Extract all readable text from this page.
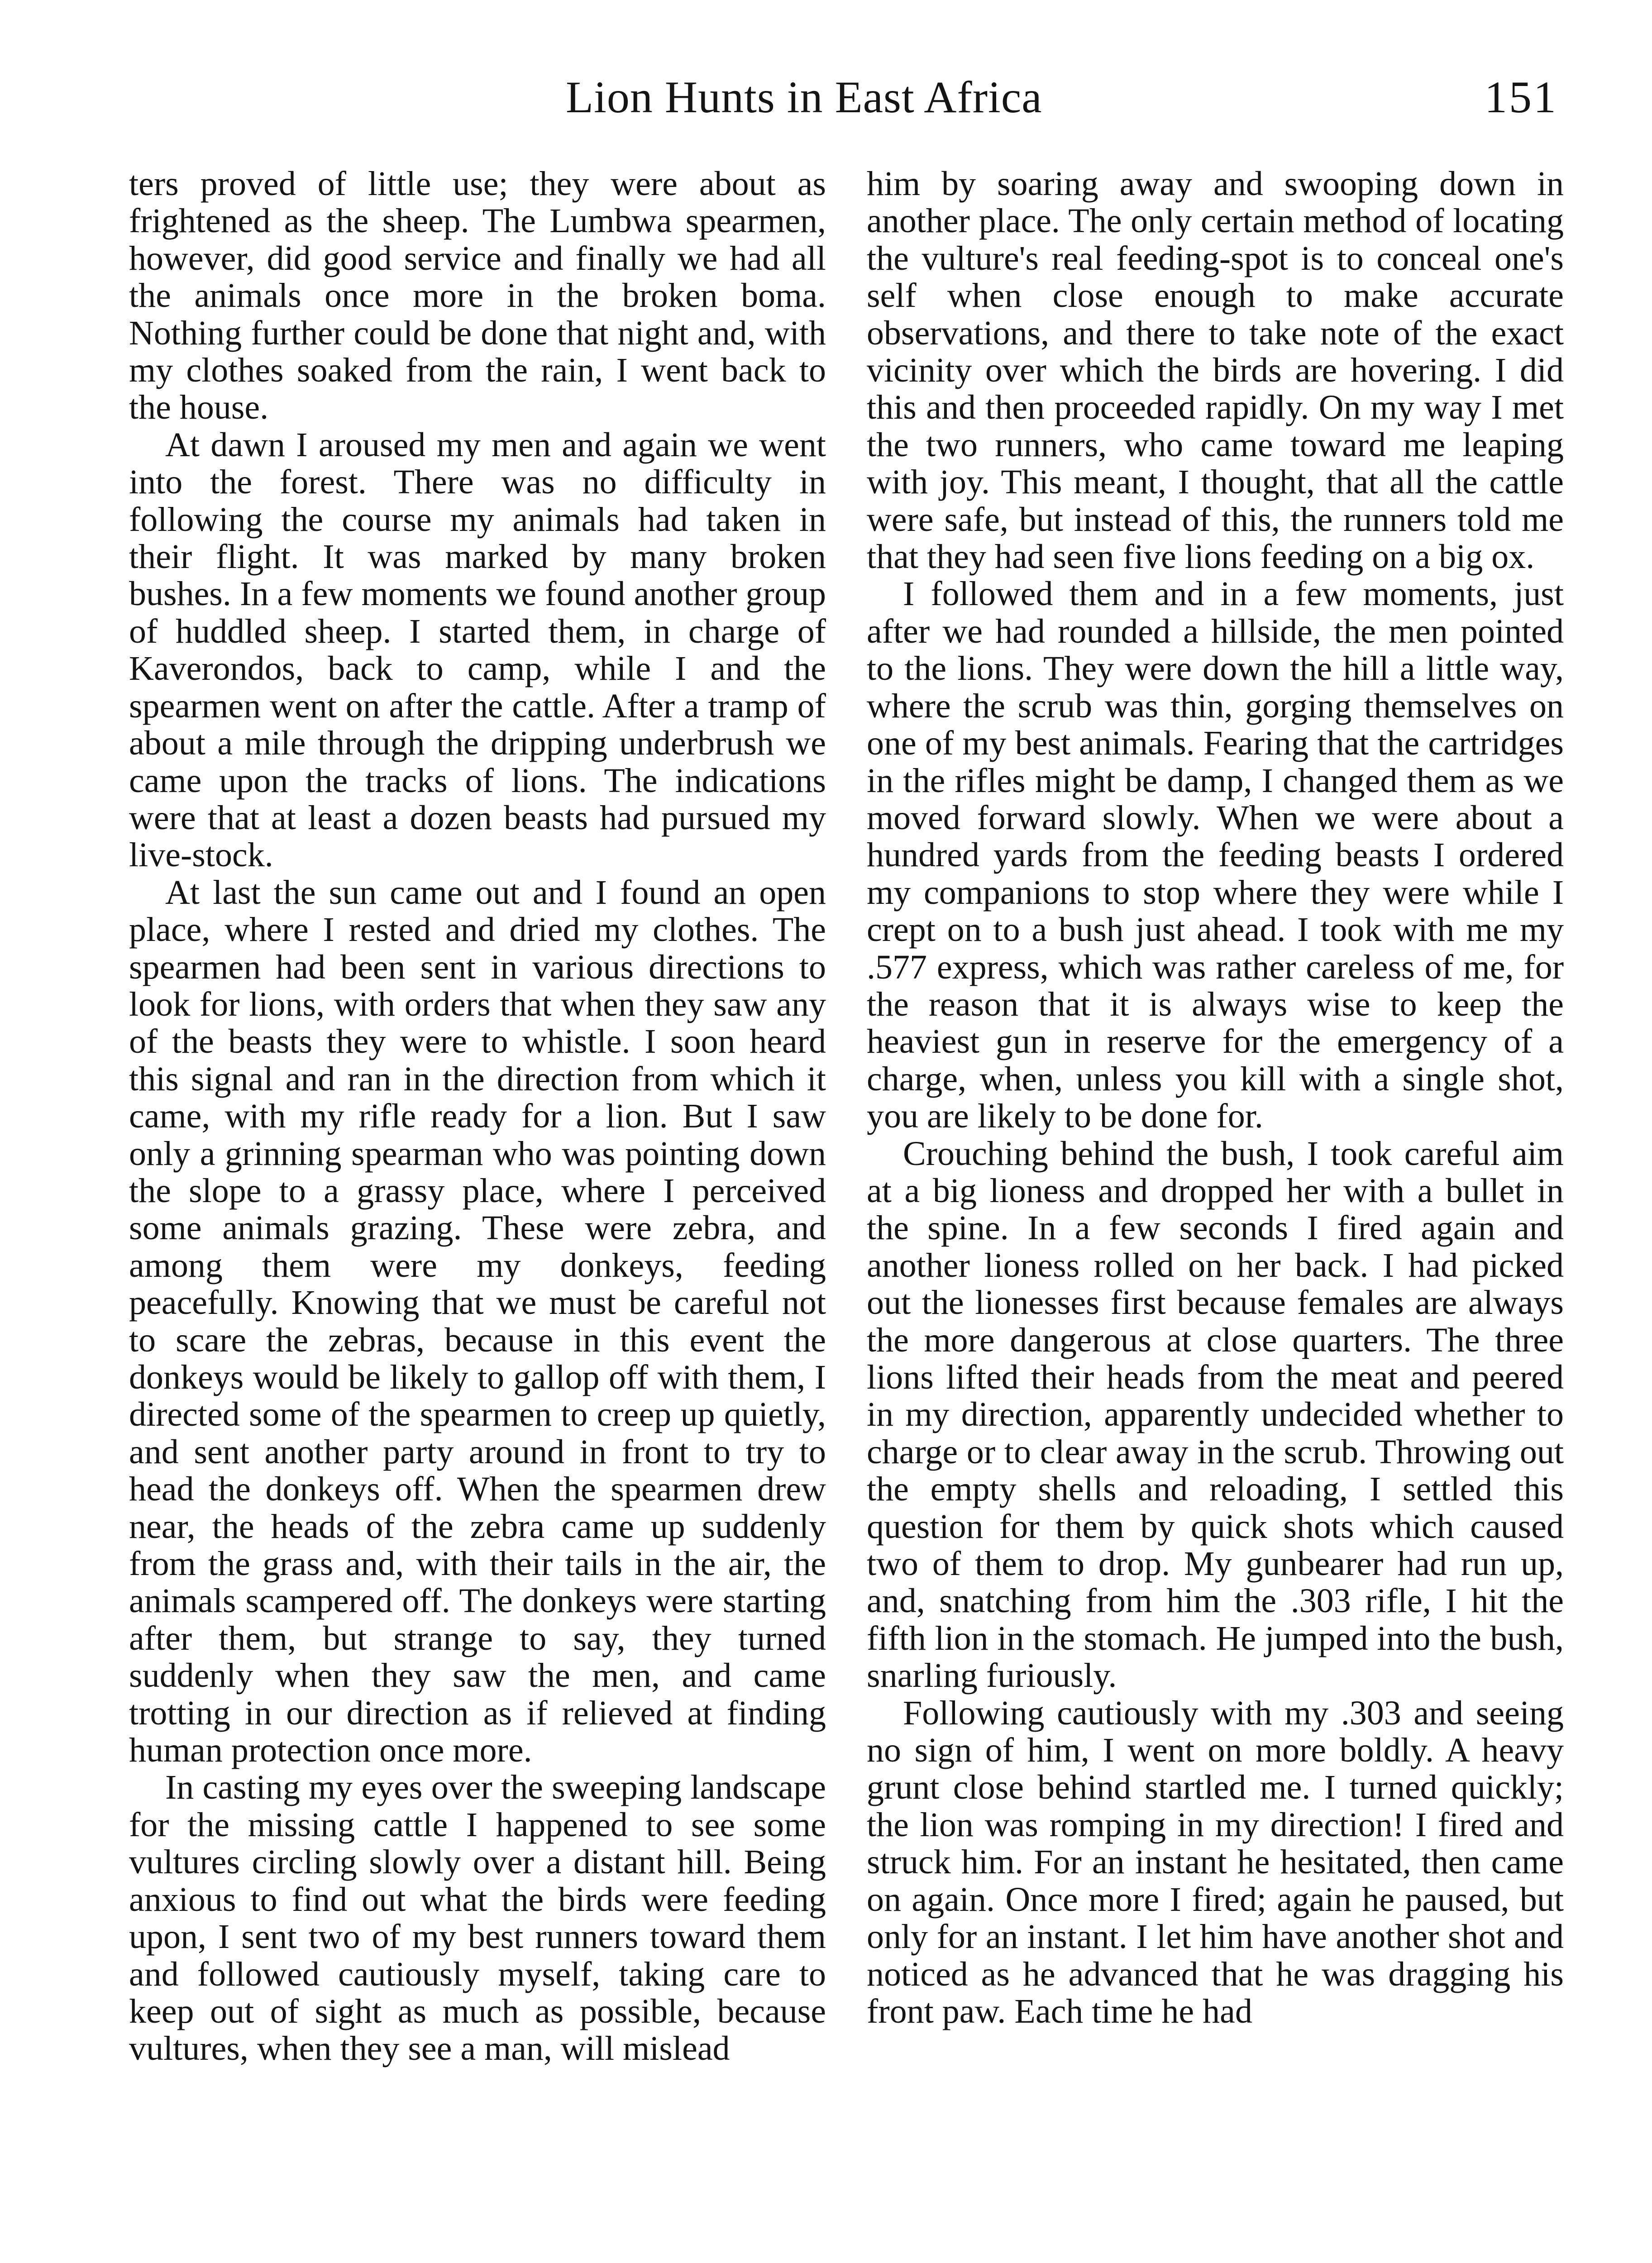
Lion Hunts in East Africa	151

ters proved of little use; they were about as frightened as the sheep. The Lumbwa spearmen, however, did good service and finally we had all the animals once more in the broken boma. Nothing further could be done that night and, with my clothes soaked from the rain, I went back to the house.

At dawn I aroused my men and again we went into the forest. There was no difficulty in following the course my animals had taken in their flight. It was marked by many broken bushes. In a few moments we found another group of huddled sheep. I started them, in charge of Kaverondos, back to camp, while I and the spearmen went on after the cattle. After a tramp of about a mile through the dripping underbrush we came upon the tracks of lions. The indications were that at least a dozen beasts had pursued my live-stock.

At last the sun came out and I found an open place, where I rested and dried my clothes. The spearmen had been sent in various directions to look for lions, with orders that when they saw any of the beasts they were to whistle. I soon heard this signal and ran in the direction from which it came, with my rifle ready for a lion. But I saw only a grinning spearman who was pointing down the slope to a grassy place, where I perceived some animals grazing. These were zebra, and among them were my donkeys, feeding peacefully. Knowing that we must be careful not to scare the zebras, because in this event the donkeys would be likely to gallop off with them, I directed some of the spearmen to creep up quietly, and sent another party around in front to try to head the donkeys off. When the spearmen drew near, the heads of the zebra came up suddenly from the grass and, with their tails in the air, the animals scampered off. The donkeys were starting after them, but strange to say, they turned suddenly when they saw the men, and came trotting in our direction as if relieved at finding human protection once more.

In casting my eyes over the sweeping landscape for the missing cattle I happened to see some vultures circling slowly over a distant hill. Being anxious to find out what the birds were feeding upon, I sent two of my best runners toward them and followed cautiously myself, taking care to keep out of sight as much as possible, because vultures, when they see a man, will mislead

him by soaring away and swooping down in another place. The only certain method of locating the vulture's real feeding-spot is to conceal one's self when close enough to make accurate observations, and there to take note of the exact vicinity over which the birds are hovering. I did this and then proceeded rapidly. On my way I met the two runners, who came toward me leaping with joy. This meant, I thought, that all the cattle were safe, but instead of this, the runners told me that they had seen five lions feeding on a big ox.

I followed them and in a few moments, just after we had rounded a hillside, the men pointed to the lions. They were down the hill a little way, where the scrub was thin, gorging themselves on one of my best animals. Fearing that the cartridges in the rifles might be damp, I changed them as we moved forward slowly. When we were about a hundred yards from the feeding beasts I ordered my companions to stop where they were while I crept on to a bush just ahead. I took with me my .577 express, which was rather careless of me, for the reason that it is always wise to keep the heaviest gun in reserve for the emergency of a charge, when, unless you kill with a single shot, you are likely to be done for.

Crouching behind the bush, I took careful aim at a big lioness and dropped her with a bullet in the spine. In a few seconds I fired again and another lioness rolled on her back. I had picked out the lionesses first because females are always the more dangerous at close quarters. The three lions lifted their heads from the meat and peered in my direction, apparently undecided whether to charge or to clear away in the scrub. Throwing out the empty shells and reloading, I settled this question for them by quick shots which caused two of them to drop. My gunbearer had run up, and, snatching from him the .303 rifle, I hit the fifth lion in the stomach. He jumped into the bush, snarling furiously.

Following cautiously with my .303 and seeing no sign of him, I went on more boldly. A heavy grunt close behind startled me. I turned quickly; the lion was romping in my direction! I fired and struck him. For an instant he hesitated, then came on again. Once more I fired; again he paused, but only for an instant. I let him have another shot and noticed as he advanced that he was dragging his front paw. Each time he had
